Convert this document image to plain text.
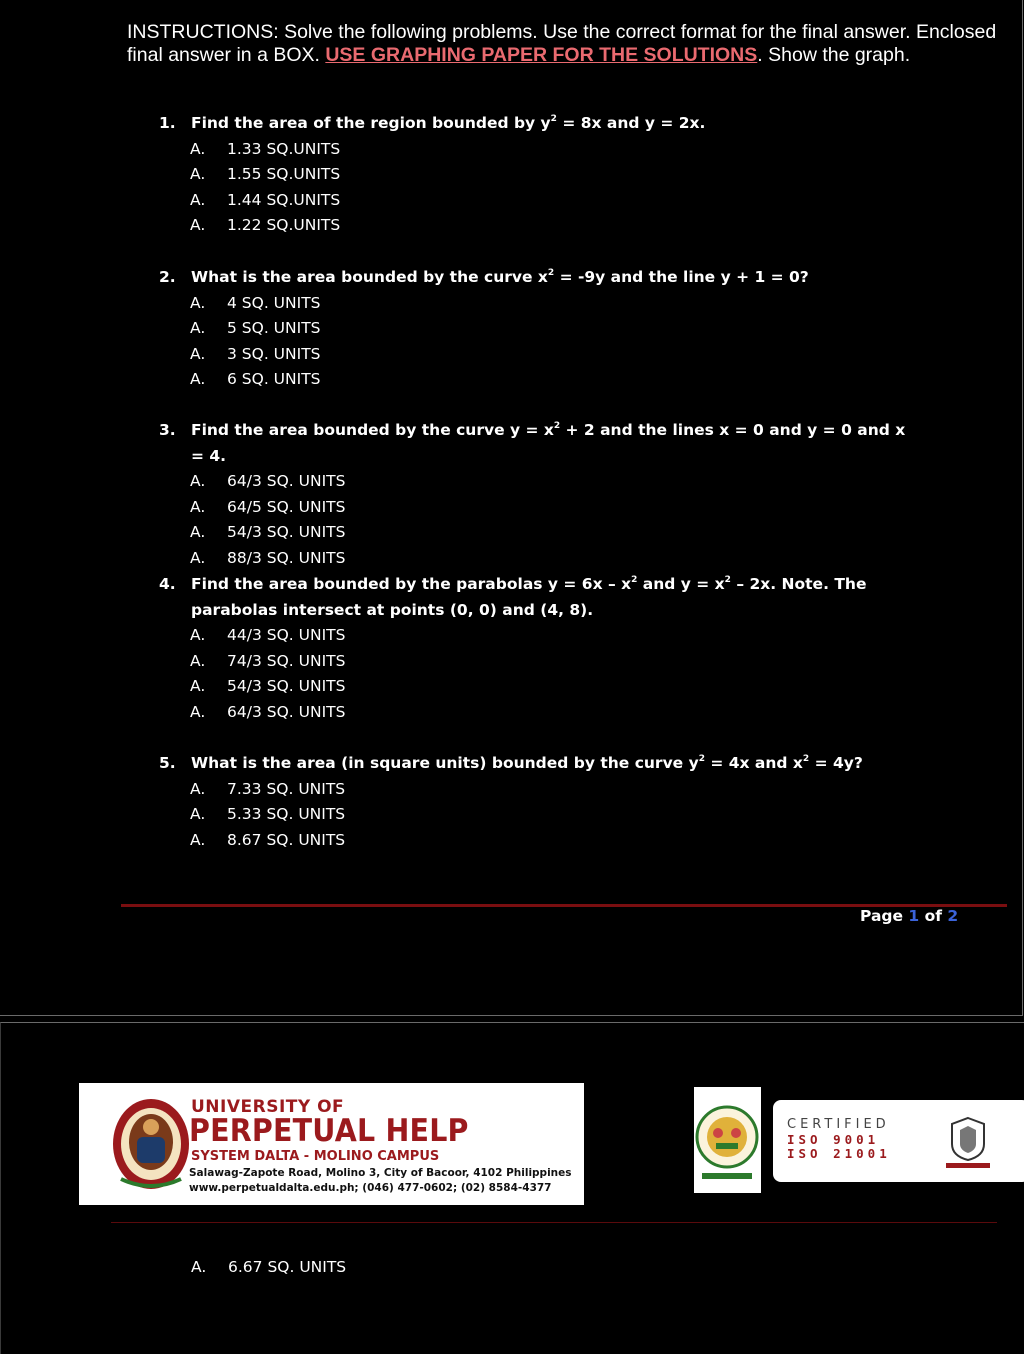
INSTRUCTIONS: Solve the following problems. Use the correct format for the final answer. Enclosed final answer in a BOX. USE GRAPHING PAPER FOR THE SOLUTIONS. Show the graph.
1. Find the area of the region bounded by $y^2 = 8x$ and y = 2x.
A.	1.33 SQ.UNITS
A.	1.55 SQ.UNITS
A.	1.44 SQ.UNITS
A.	1.22 SQ.UNITS
2. What is the area bounded by the curve $x^2 = -9y$ and the line y + 1 = 0?
A.	4 SQ. UNITS
A.	5 SQ. UNITS
A.	3 SQ. UNITS
A.	6 SQ. UNITS
3. Find the area bounded by the curve $y = x^2 + 2$ and the lines x = 0 and y = 0 and x = 4.
A.	64/3 SQ. UNITS
A.	64/5 SQ. UNITS
A.	54/3 SQ. UNITS
A.	88/3 SQ. UNITS
4. Find the area bounded by the parabolas $y = 6x - x^2$ and $y = x^2 - 2x$. Note. The parabolas intersect at points (0, 0) and (4, 8).
A.	44/3 SQ. UNITS
A.	74/3 SQ. UNITS
A.	54/3 SQ. UNITS
A.	64/3 SQ. UNITS
5. What is the area (in square units) bounded by the curve $y^2 = 4x$ and $x^2 = 4y$?
A.	7.33 SQ. UNITS
A.	5.33 SQ. UNITS
A.	8.67 SQ. UNITS
Page 1 of 2
UNIVERSITY OF
PERPETUAL HELP
SYSTEM DALTA - MOLINO CAMPUS
Salawag-Zapote Road, Molino 3, City of Bacoor, 4102 Philippines
www.perpetualdalta.edu.ph; (046) 477-0602; (02) 8584-4377
CERTIFIED
ISO 9001
ISO 21001
A.	6.67 SQ. UNITS
